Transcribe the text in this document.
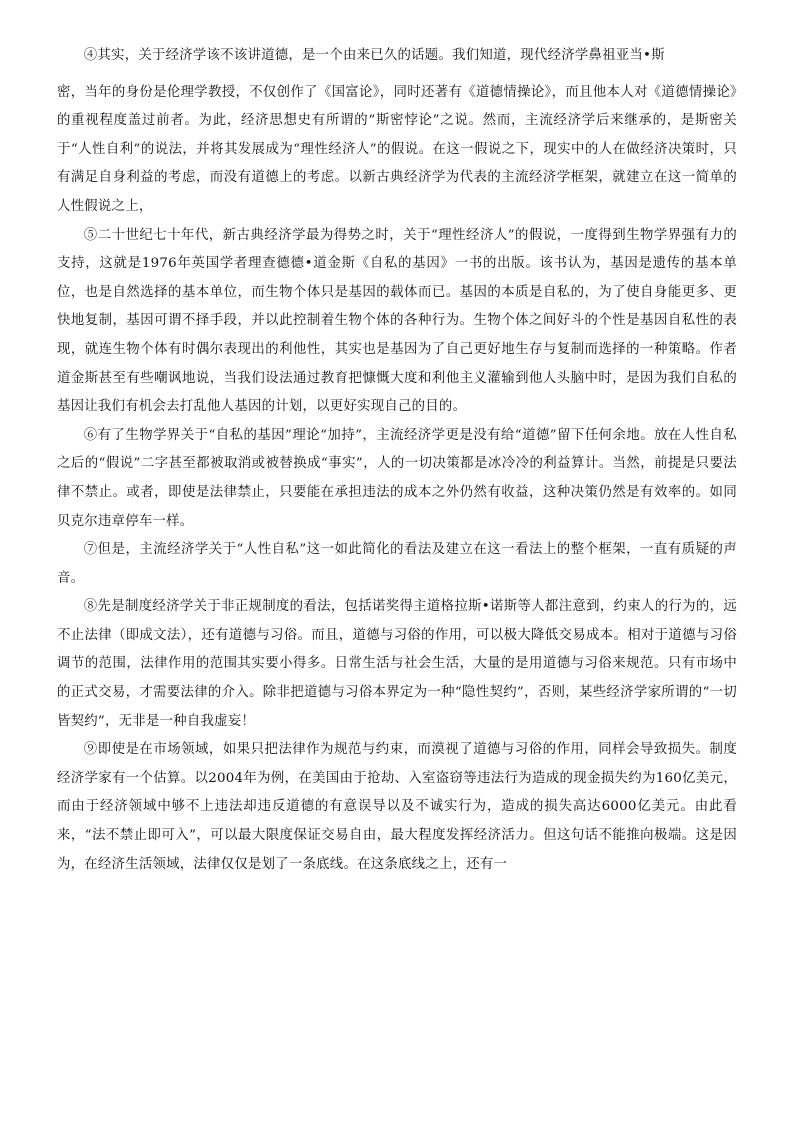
④其实，关于经济学该不该讲道德，是一个由来已久的话题。我们知道，现代经济学鼻祖亚当•斯
密，当年的身份是伦理学教授，不仅创作了《国富论》，同时还著有《道德情操论》，而且他本人对《道德情操论》的重视程度盖过前者。为此，经济思想史有所谓的“斯密悖论”之说。然而，主流经济学后来继承的，是斯密关于“人性自利”的说法，并将其发展成为“理性经济人”的假说。在这一假说之下，现实中的人在做经济决策时，只有满足自身利益的考虑，而没有道德上的考虑。以新古典经济学为代表的主流经济学框架，就建立在这一简单的人性假说之上，

⑤二十世纪七十年代，新古典经济学最为得势之时，关于“理性经济人”的假说，一度得到生物学界强有力的支持，这就是1976年英国学者理查德德•道金斯《自私的基因》一书的出版。该书认为，基因是遗传的基本单位，也是自然选择的基本单位，而生物个体只是基因的载体而已。基因的本质是自私的，为了使自身能更多、更快地复制，基因可谓不择手段，并以此控制着生物个体的各种行为。生物个体之间好斗的个性是基因自私性的表现，就连生物个体有时偶尔表现出的利他性，其实也是基因为了自己更好地生存与复制而选择的一种策略。作者道金斯甚至有些嘲讽地说，当我们设法通过教育把慷慨大度和利他主义灌输到他人头脑中时，是因为我们自私的基因让我们有机会去打乱他人基因的计划，以更好实现自己的目的。

⑥有了生物学界关于“自私的基因”理论“加持”，主流经济学更是没有给“道德”留下任何余地。放在人性自私之后的“假说”二字甚至都被取消或被替换成“事实”，人的一切决策都是冰冷冷的利益算计。当然，前提是只要法律不禁止。或者，即使是法律禁止，只要能在承担违法的成本之外仍然有收益，这种决策仍然是有效率的。如同贝克尔违章停车一样。

⑦但是，主流经济学关于“人性自私”这一如此简化的看法及建立在这一看法上的整个框架，一直有质疑的声音。

⑧先是制度经济学关于非正规制度的看法，包括诺奖得主道格拉斯•诺斯等人都注意到，约束人的行为的，远不止法律（即成文法），还有道德与习俗。而且，道德与习俗的作用，可以极大降低交易成本。相对于道德与习俗调节的范围，法律作用的范围其实要小得多。日常生活与社会生活，大量的是用道德与习俗来规范。只有市场中的正式交易，才需要法律的介入。除非把道德与习俗本界定为一种“隐性契约”，否则，某些经济学家所谓的“一切皆契约”，无非是一种自我虚妄！

⑨即使是在市场领域，如果只把法律作为规范与约束，而漠视了道德与习俗的作用，同样会导致损失。制度经济学家有一个估算。以2004年为例，在美国由于抢劫、入室盗窃等违法行为造成的现金损失约为160亿美元，而由于经济领域中够不上违法却违反道德的有意误导以及不诚实行为，造成的损失高达6000亿美元。由此看来，“法不禁止即可入”，可以最大限度保证交易自由，最大程度发挥经济活力。但这句话不能推向极端。这是因为，在经济生活领域，法律仅仅是划了一条底线。在这条底线之上，还有一
